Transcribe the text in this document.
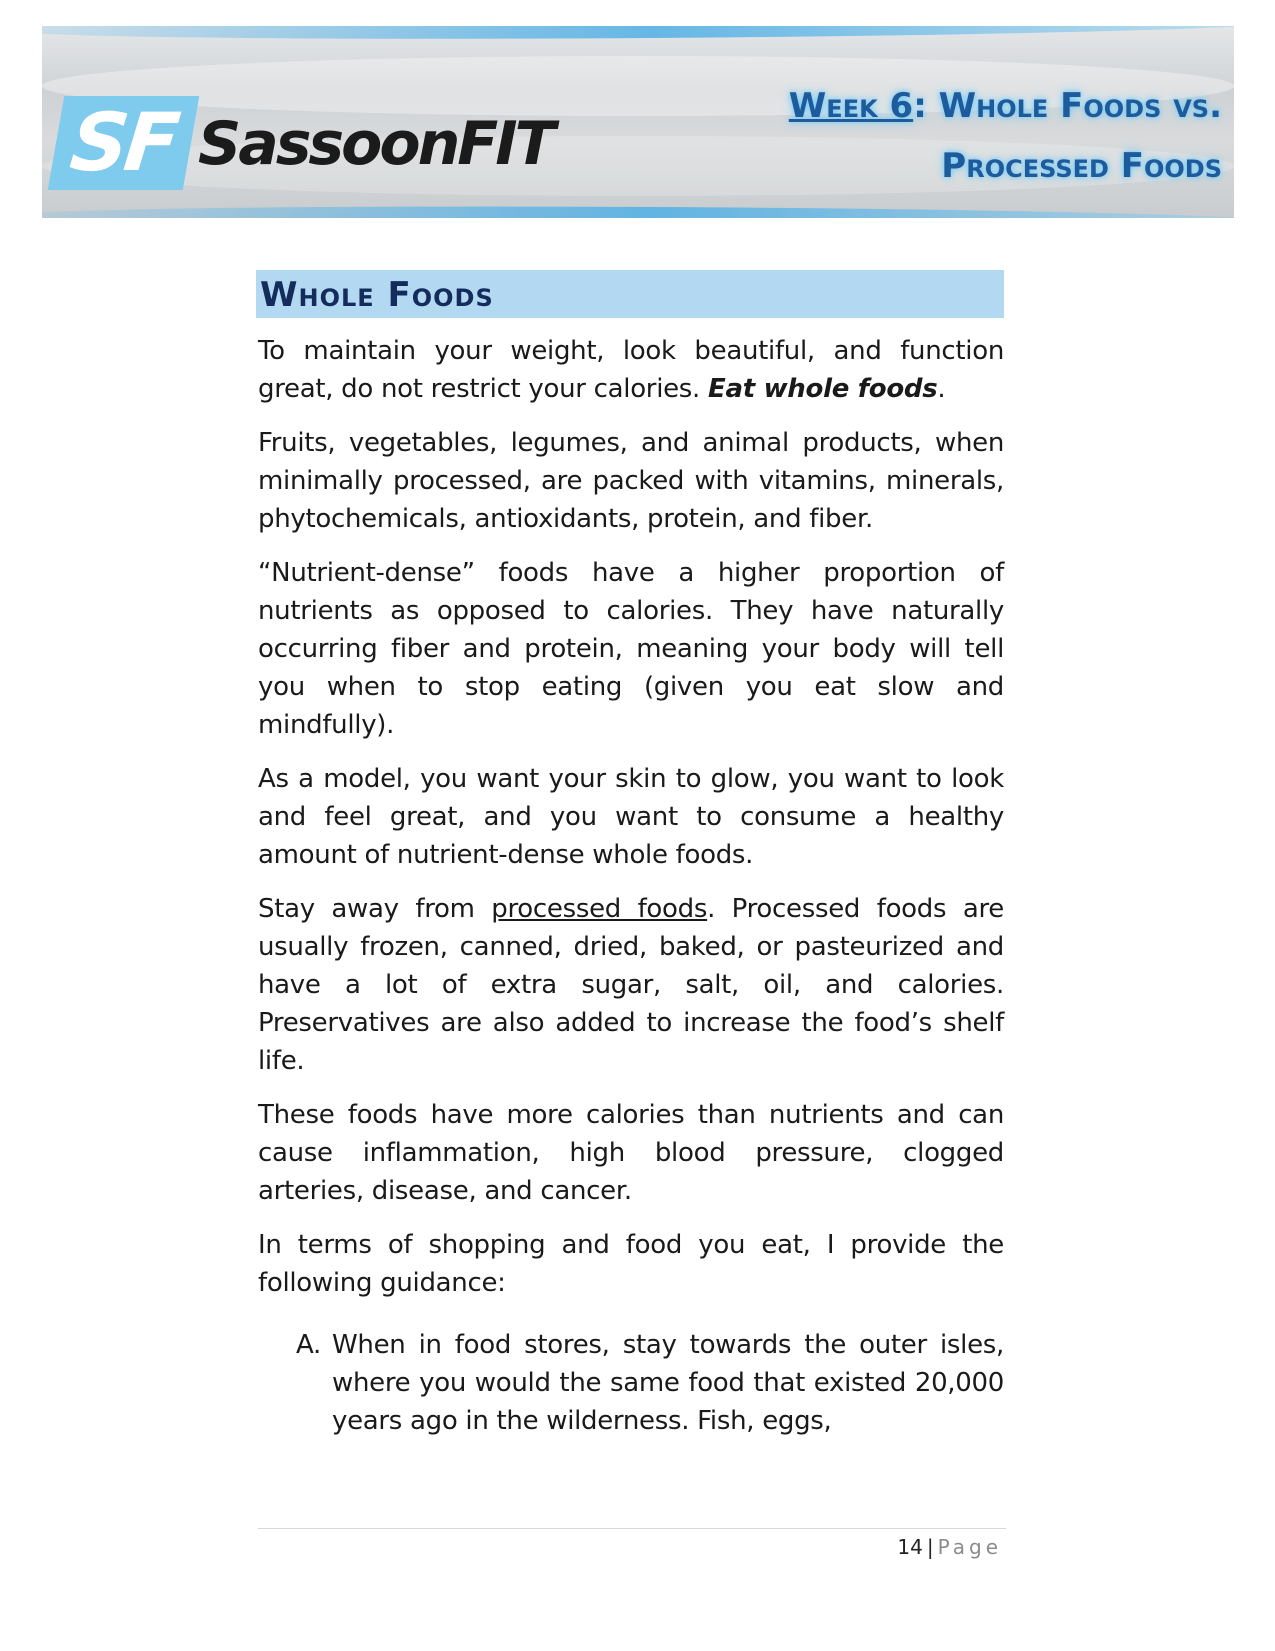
SF SassoonFIT
Week 6: Whole Foods vs.
Processed Foods
Whole Foods

To maintain your weight, look beautiful, and function great, do not restrict your calories. Eat whole foods.

Fruits, vegetables, legumes, and animal products, when minimally processed, are packed with vitamins, minerals, phytochemicals, antioxidants, protein, and fiber.

“Nutrient-dense” foods have a higher proportion of nutrients as opposed to calories. They have naturally occurring fiber and protein, meaning your body will tell you when to stop eating (given you eat slow and mindfully).

As a model, you want your skin to glow, you want to look and feel great, and you want to consume a healthy amount of nutrient-dense whole foods.

Stay away from processed foods. Processed foods are usually frozen, canned, dried, baked, or pasteurized and have a lot of extra sugar, salt, oil, and calories. Preservatives are also added to increase the food’s shelf life.

These foods have more calories than nutrients and can cause inflammation, high blood pressure, clogged arteries, disease, and cancer.

In terms of shopping and food you eat, I provide the following guidance:

A. When in food stores, stay towards the outer isles, where you would the same food that existed 20,000 years ago in the wilderness. Fish, eggs,
14 | Page
